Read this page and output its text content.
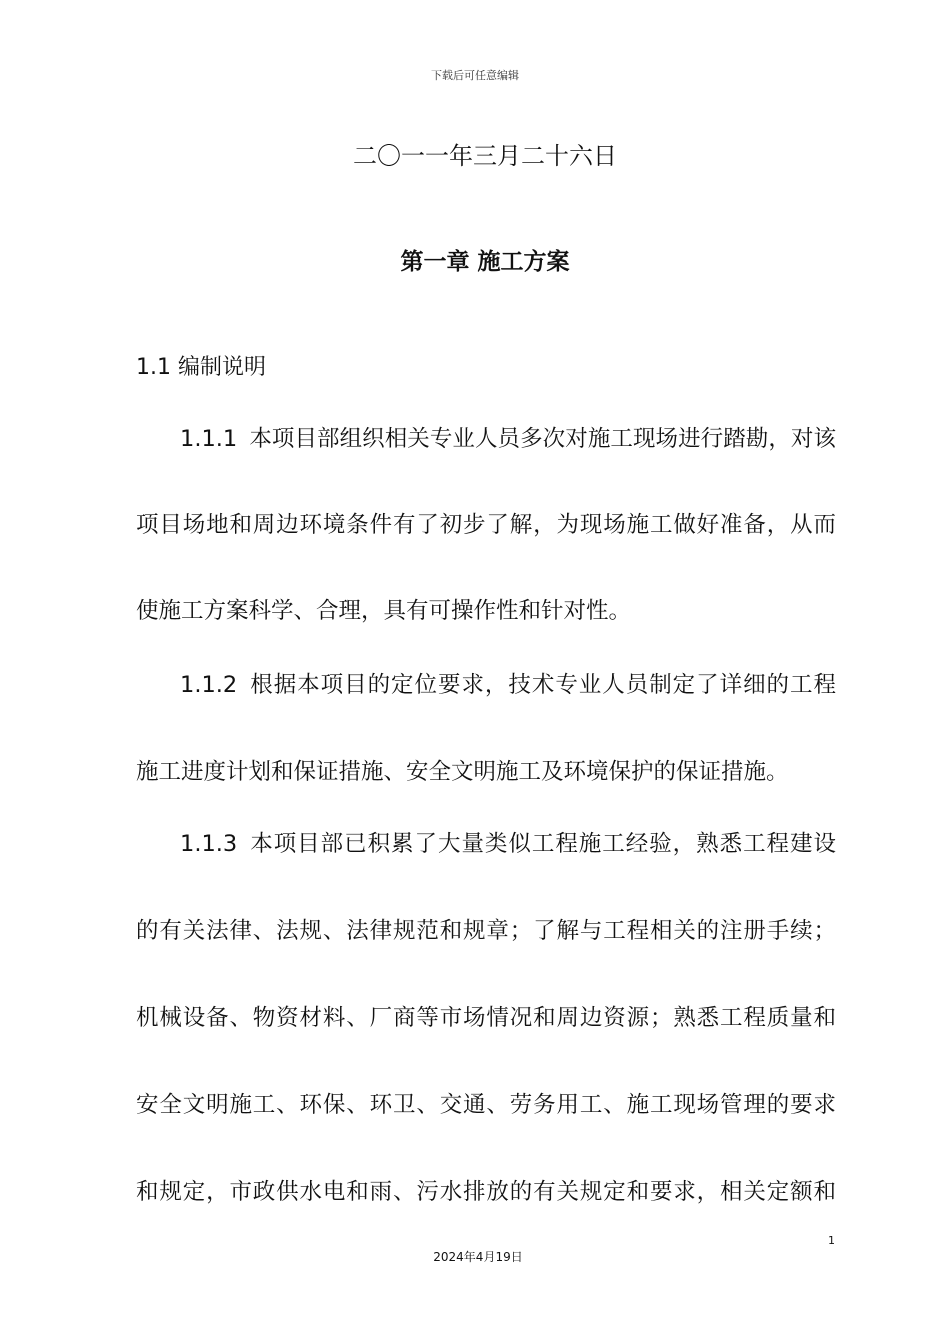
下载后可任意编辑
二〇一一年三月二十六日
第一章 施工方案
1.1 编制说明
1.1.1 本项目部组织相关专业人员多次对施工现场进行踏勘，对该
项目场地和周边环境条件有了初步了解，为现场施工做好准备，从而
使施工方案科学、合理，具有可操作性和针对性。
1.1.2 根据本项目的定位要求，技术专业人员制定了详细的工程
施工进度计划和保证措施、安全文明施工及环境保护的保证措施。
1.1.3 本项目部已积累了大量类似工程施工经验，熟悉工程建设
的有关法律、法规、法律规范和规章；了解与工程相关的注册手续；
机械设备、物资材料、厂商等市场情况和周边资源；熟悉工程质量和
安全文明施工、环保、环卫、交通、劳务用工、施工现场管理的要求
和规定，市政供水电和雨、污水排放的有关规定和要求，相关定额和
1
2024年4月19日
